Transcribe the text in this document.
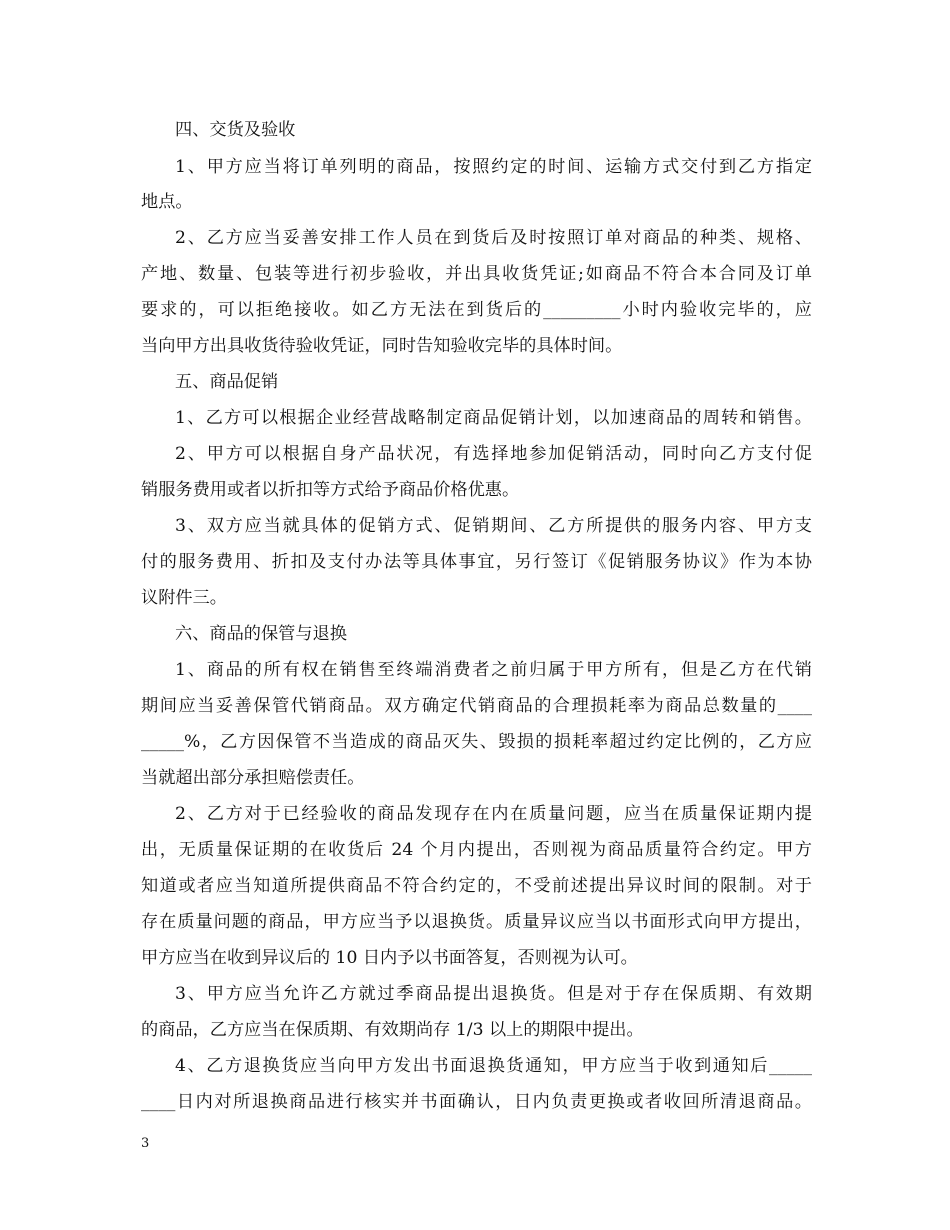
四、交货及验收
1、甲方应当将订单列明的商品，按照约定的时间、运输方式交付到乙方指定
地点。
2、乙方应当妥善安排工作人员在到货后及时按照订单对商品的种类、规格、
产地、数量、包装等进行初步验收，并出具收货凭证;如商品不符合本合同及订单
要求的，可以拒绝接收。如乙方无法在到货后的_________小时内验收完毕的，应
当向甲方出具收货待验收凭证，同时告知验收完毕的具体时间。
五、商品促销
1、乙方可以根据企业经营战略制定商品促销计划，以加速商品的周转和销售。
2、甲方可以根据自身产品状况，有选择地参加促销活动，同时向乙方支付促
销服务费用或者以折扣等方式给予商品价格优惠。
3、双方应当就具体的促销方式、促销期间、乙方所提供的服务内容、甲方支
付的服务费用、折扣及支付办法等具体事宜，另行签订《促销服务协议》作为本协
议附件三。
六、商品的保管与退换
1、商品的所有权在销售至终端消费者之前归属于甲方所有，但是乙方在代销
期间应当妥善保管代销商品。双方确定代销商品的合理损耗率为商品总数量的____
_____%，乙方因保管不当造成的商品灭失、毁损的损耗率超过约定比例的，乙方应
当就超出部分承担赔偿责任。
2、乙方对于已经验收的商品发现存在内在质量问题，应当在质量保证期内提
出，无质量保证期的在收货后 24 个月内提出，否则视为商品质量符合约定。甲方
知道或者应当知道所提供商品不符合约定的，不受前述提出异议时间的限制。对于
存在质量问题的商品，甲方应当予以退换货。质量异议应当以书面形式向甲方提出，
甲方应当在收到异议后的 10 日内予以书面答复，否则视为认可。
3、甲方应当允许乙方就过季商品提出退换货。但是对于存在保质期、有效期
的商品，乙方应当在保质期、有效期尚存 1/3 以上的期限中提出。
4、乙方退换货应当向甲方发出书面退换货通知，甲方应当于收到通知后_____
____日内对所退换商品进行核实并书面确认，日内负责更换或者收回所清退商品。
3
